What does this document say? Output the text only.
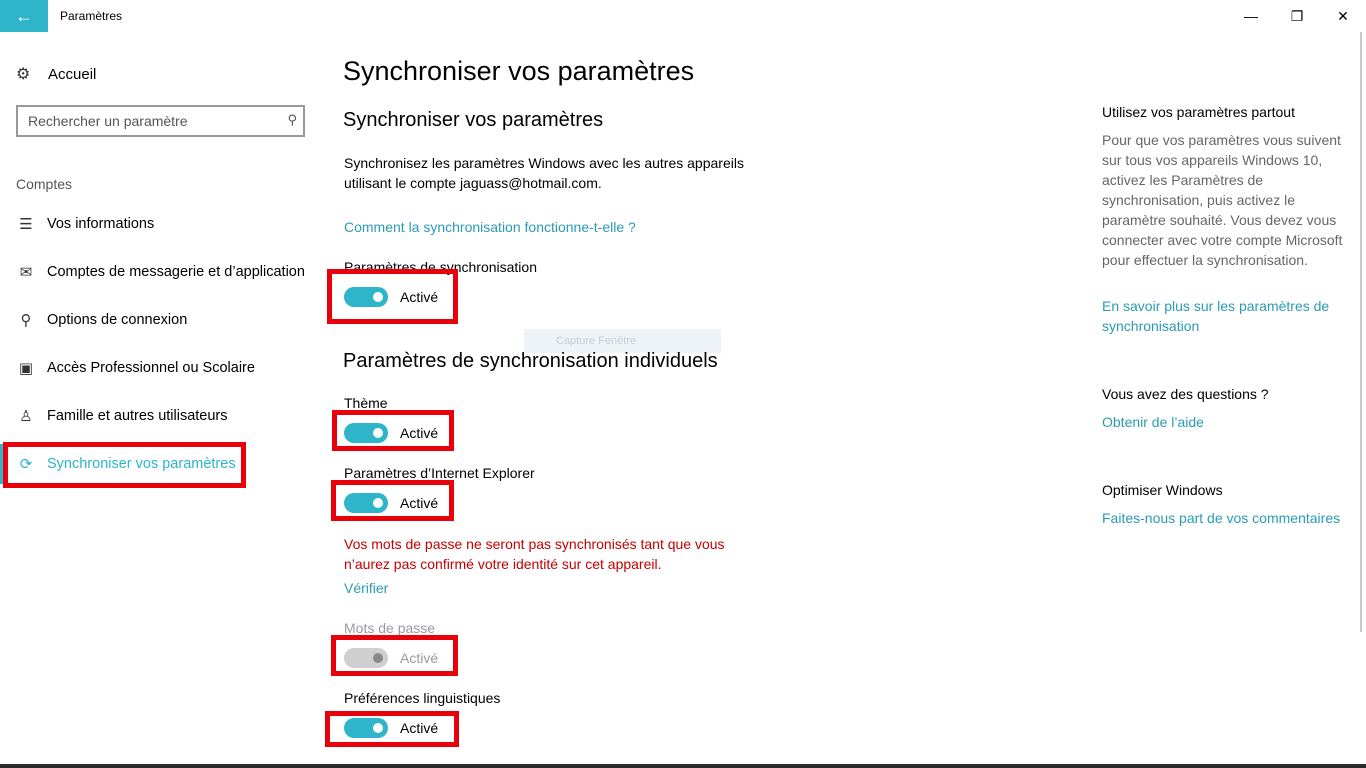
←	Paramètres	—	❐	✕
⚙	Accueil
Rechercher un paramètre
⚲
Comptes
☰ Vos informations
✉ Comptes de messagerie et d’application
⚲	Options de connexion
▣ Accès Professionnel ou Scolaire
♙ Famille et autres utilisateurs
⟳ Synchroniser vos paramètres
Synchroniser vos paramètres
Synchroniser vos paramètres
Synchronisez les paramètres Windows avec les autres appareils utilisant le compte jaguass@hotmail.com.
Comment la synchronisation fonctionne-t-elle ?
Paramètres de synchronisation
Activé
Capture Fenêtre
Paramètres de synchronisation individuels
Thème
Activé
Paramètres d’Internet Explorer
Activé
Vos mots de passe ne seront pas synchronisés tant que vous n’aurez pas confirmé votre identité sur cet appareil.
Vérifier
Mots de passe
Activé
Préférences linguistiques
Activé
Utilisez vos paramètres partout
Pour que vos paramètres vous suivent sur tous vos appareils Windows 10, activez les Paramètres de synchronisation, puis activez le paramètre souhaité. Vous devez vous connecter avec votre compte Microsoft pour effectuer la synchronisation.
En savoir plus sur les paramètres de synchronisation
Vous avez des questions ?
Obtenir de l’aide
Optimiser Windows
Faites-nous part de vos commentaires
